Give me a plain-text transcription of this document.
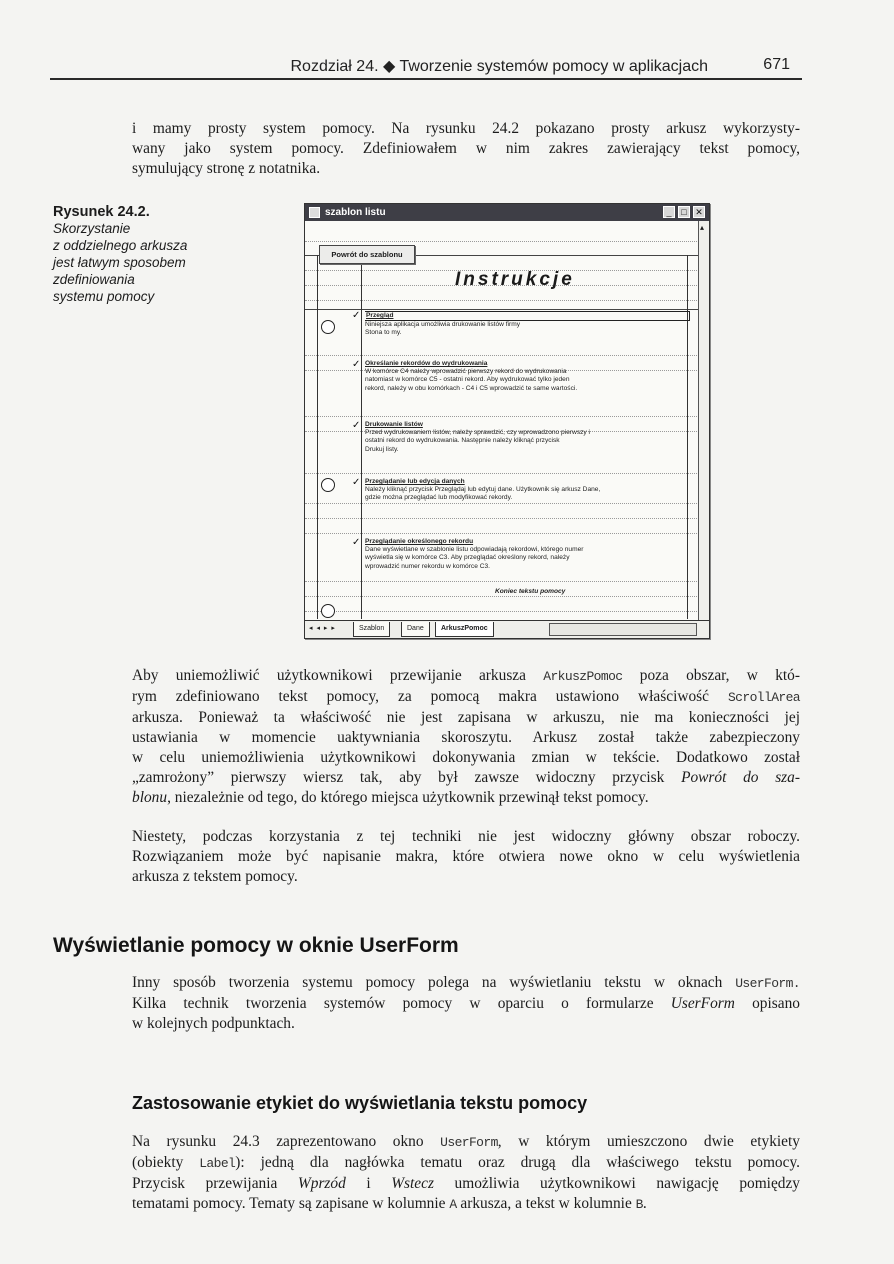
Rozdział 24. ◆ Tworzenie systemów pomocy w aplikacjach	671
i mamy prosty system pomocy. Na rysunku 24.2 pokazano prosty arkusz wykorzysty-
wany jako system pomocy. Zdefiniowałem w nim zakres zawierający tekst pomocy,
symulujący stronę z notatnika.
Rysunek 24.2.
Skorzystanie
z oddzielnego arkusza
jest łatwym sposobem
zdefiniowania
systemu pomocy
szablon listu	_	□ ✕
Powrót do szablonu
Instrukcje
✓
✓
✓
✓
✓
Przegląd
Niniejsza aplikacja umożliwia drukowanie listów firmy
Stona to my.
Określanie rekordów do wydrukowania
W komórce C4 należy wprowadzić pierwszy rekord do wydrukowania
natomiast w komórce C5 - ostatni rekord. Aby wydrukować tylko jeden
rekord, należy w obu komórkach - C4 i C5 wprowadzić te same wartości.
Drukowanie listów
Przed wydrukowaniem listów, należy sprawdzić, czy wprowadzono pierwszy i
ostatni rekord do wydrukowania. Następnie należy kliknąć przycisk
Drukuj listy.
Przeglądanie lub edycja danych
Należy kliknąć przycisk Przeglądaj lub edytuj dane. Użytkownik się arkusz Dane,
gdzie można przeglądać lub modyfikować rekordy.
Przeglądanie określonego rekordu
Dane wyświetlane w szablonie listu odpowiadają rekordowi, którego numer
wyświetla się w komórce C3. Aby przeglądać określony rekord, należy
wprowadzić numer rekordu w komórce C3.
Koniec tekstu pomocy
▴
◂ ◂ ▸ ▸	Szablon	Dane	ArkuszPomoc
Aby uniemożliwić użytkownikowi przewijanie arkusza ArkuszPomoc poza obszar, w któ-
rym zdefiniowano tekst pomocy, za pomocą makra ustawiono właściwość ScrollArea
arkusza. Ponieważ ta właściwość nie jest zapisana w arkuszu, nie ma konieczności jej
ustawiania w momencie uaktywniania skoroszytu. Arkusz został także zabezpieczony
w celu uniemożliwienia użytkownikowi dokonywania zmian w tekście. Dodatkowo został
„zamrożony” pierwszy wiersz tak, aby był zawsze widoczny przycisk Powrót do sza-
blonu, niezależnie od tego, do którego miejsca użytkownik przewinął tekst pomocy.
Niestety, podczas korzystania z tej techniki nie jest widoczny główny obszar roboczy.
Rozwiązaniem może być napisanie makra, które otwiera nowe okno w celu wyświetlenia
arkusza z tekstem pomocy.
Wyświetlanie pomocy w oknie UserForm
Inny sposób tworzenia systemu pomocy polega na wyświetlaniu tekstu w oknach UserForm.
Kilka technik tworzenia systemów pomocy w oparciu o formularze UserForm opisano
w kolejnych podpunktach.
Zastosowanie etykiet do wyświetlania tekstu pomocy
Na rysunku 24.3 zaprezentowano okno UserForm, w którym umieszczono dwie etykiety
(obiekty Label): jedną dla nagłówka tematu oraz drugą dla właściwego tekstu pomocy.
Przycisk przewijania Wprzód i Wstecz umożliwia użytkownikowi nawigację pomiędzy
tematami pomocy. Tematy są zapisane w kolumnie A arkusza, a tekst w kolumnie B.
